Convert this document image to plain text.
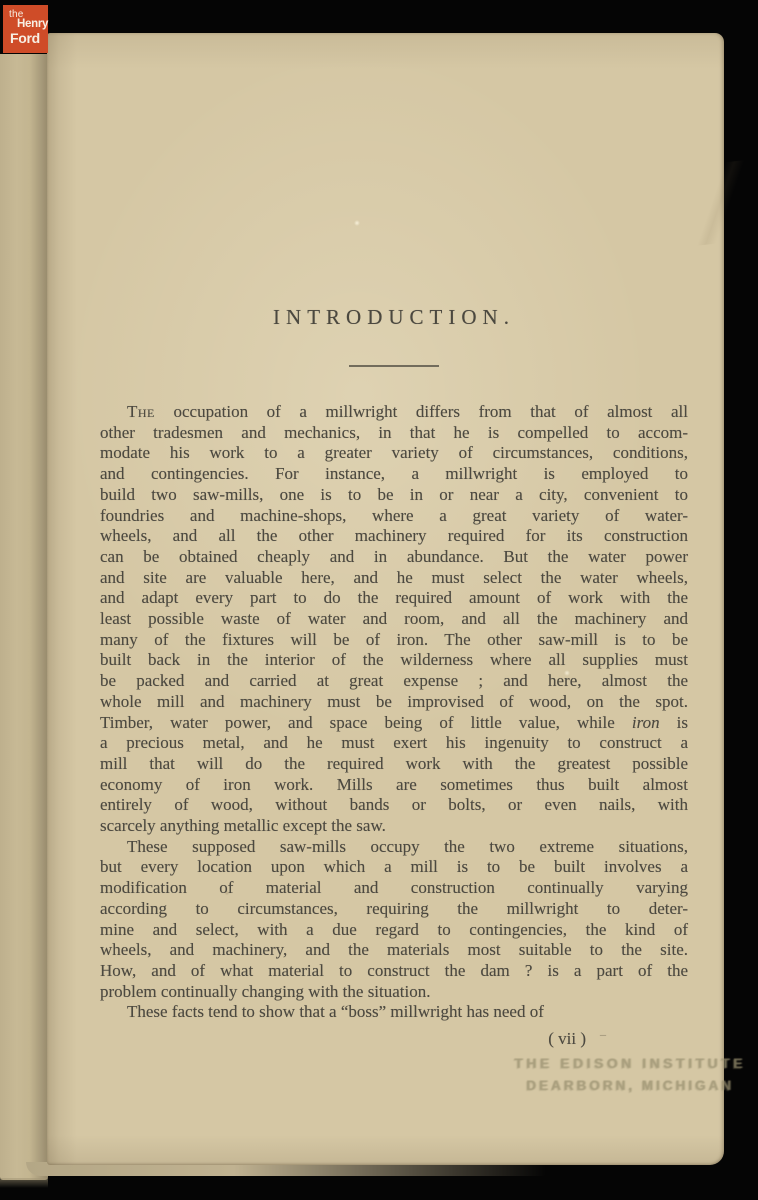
the
Henry
Ford
INTRODUCTION.

The occupation of a millwright differs from that of almost all
other tradesmen and mechanics, in that he is compelled to accom-
modate his work to a greater variety of circumstances, conditions,
and contingencies. For instance, a millwright is employed to
build two saw-mills, one is to be in or near a city, convenient to
foundries and machine-shops, where a great variety of water-
wheels, and all the other machinery required for its construction
can be obtained cheaply and in abundance. But the water power
and site are valuable here, and he must select the water wheels,
and adapt every part to do the required amount of work with the
least possible waste of water and room, and all the machinery and
many of the fixtures will be of iron. The other saw-mill is to be
built back in the interior of the wilderness where all supplies must
be packed and carried at great expense ; and here, almost the
whole mill and machinery must be improvised of wood, on the spot.
Timber, water power, and space being of little value, while iron is
a precious metal, and he must exert his ingenuity to construct a
mill that will do the required work with the greatest possible
economy of iron work. Mills are sometimes thus built almost
entirely of wood, without bands or bolts, or even nails, with
scarcely anything metallic except the saw.

These supposed saw-mills occupy the two extreme situations,
but every location upon which a mill is to be built involves a
modification of material and construction continually varying
according to circumstances, requiring the millwright to deter-
mine and select, with a due regard to contingencies, the kind of
wheels, and machinery, and the materials most suitable to the site.
How, and of what material to construct the dam ? is a part of the
problem continually changing with the situation.

These facts tend to show that a “boss” millwright has need of

( vii ) –
THE EDISON INSTITUTE
DEARBORN, MICHIGAN
